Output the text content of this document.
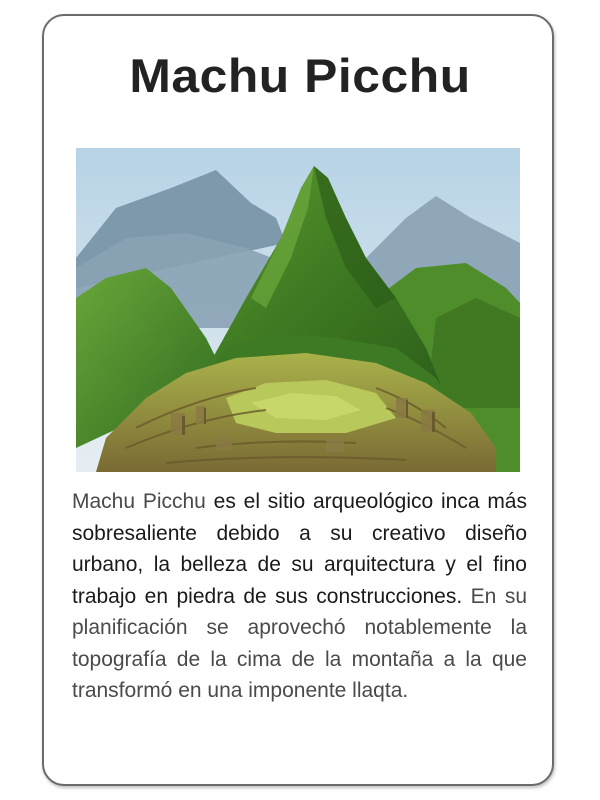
Machu Picchu

Machu Picchu es el sitio arqueológico inca más sobresaliente debido a su creativo diseño urbano, la belleza de su arquitectura y el fino trabajo en piedra de sus construcciones. En su planificación se aprovechó notablemente la topografía de la cima de la montaña a la que transformó en una imponente llaqta.
